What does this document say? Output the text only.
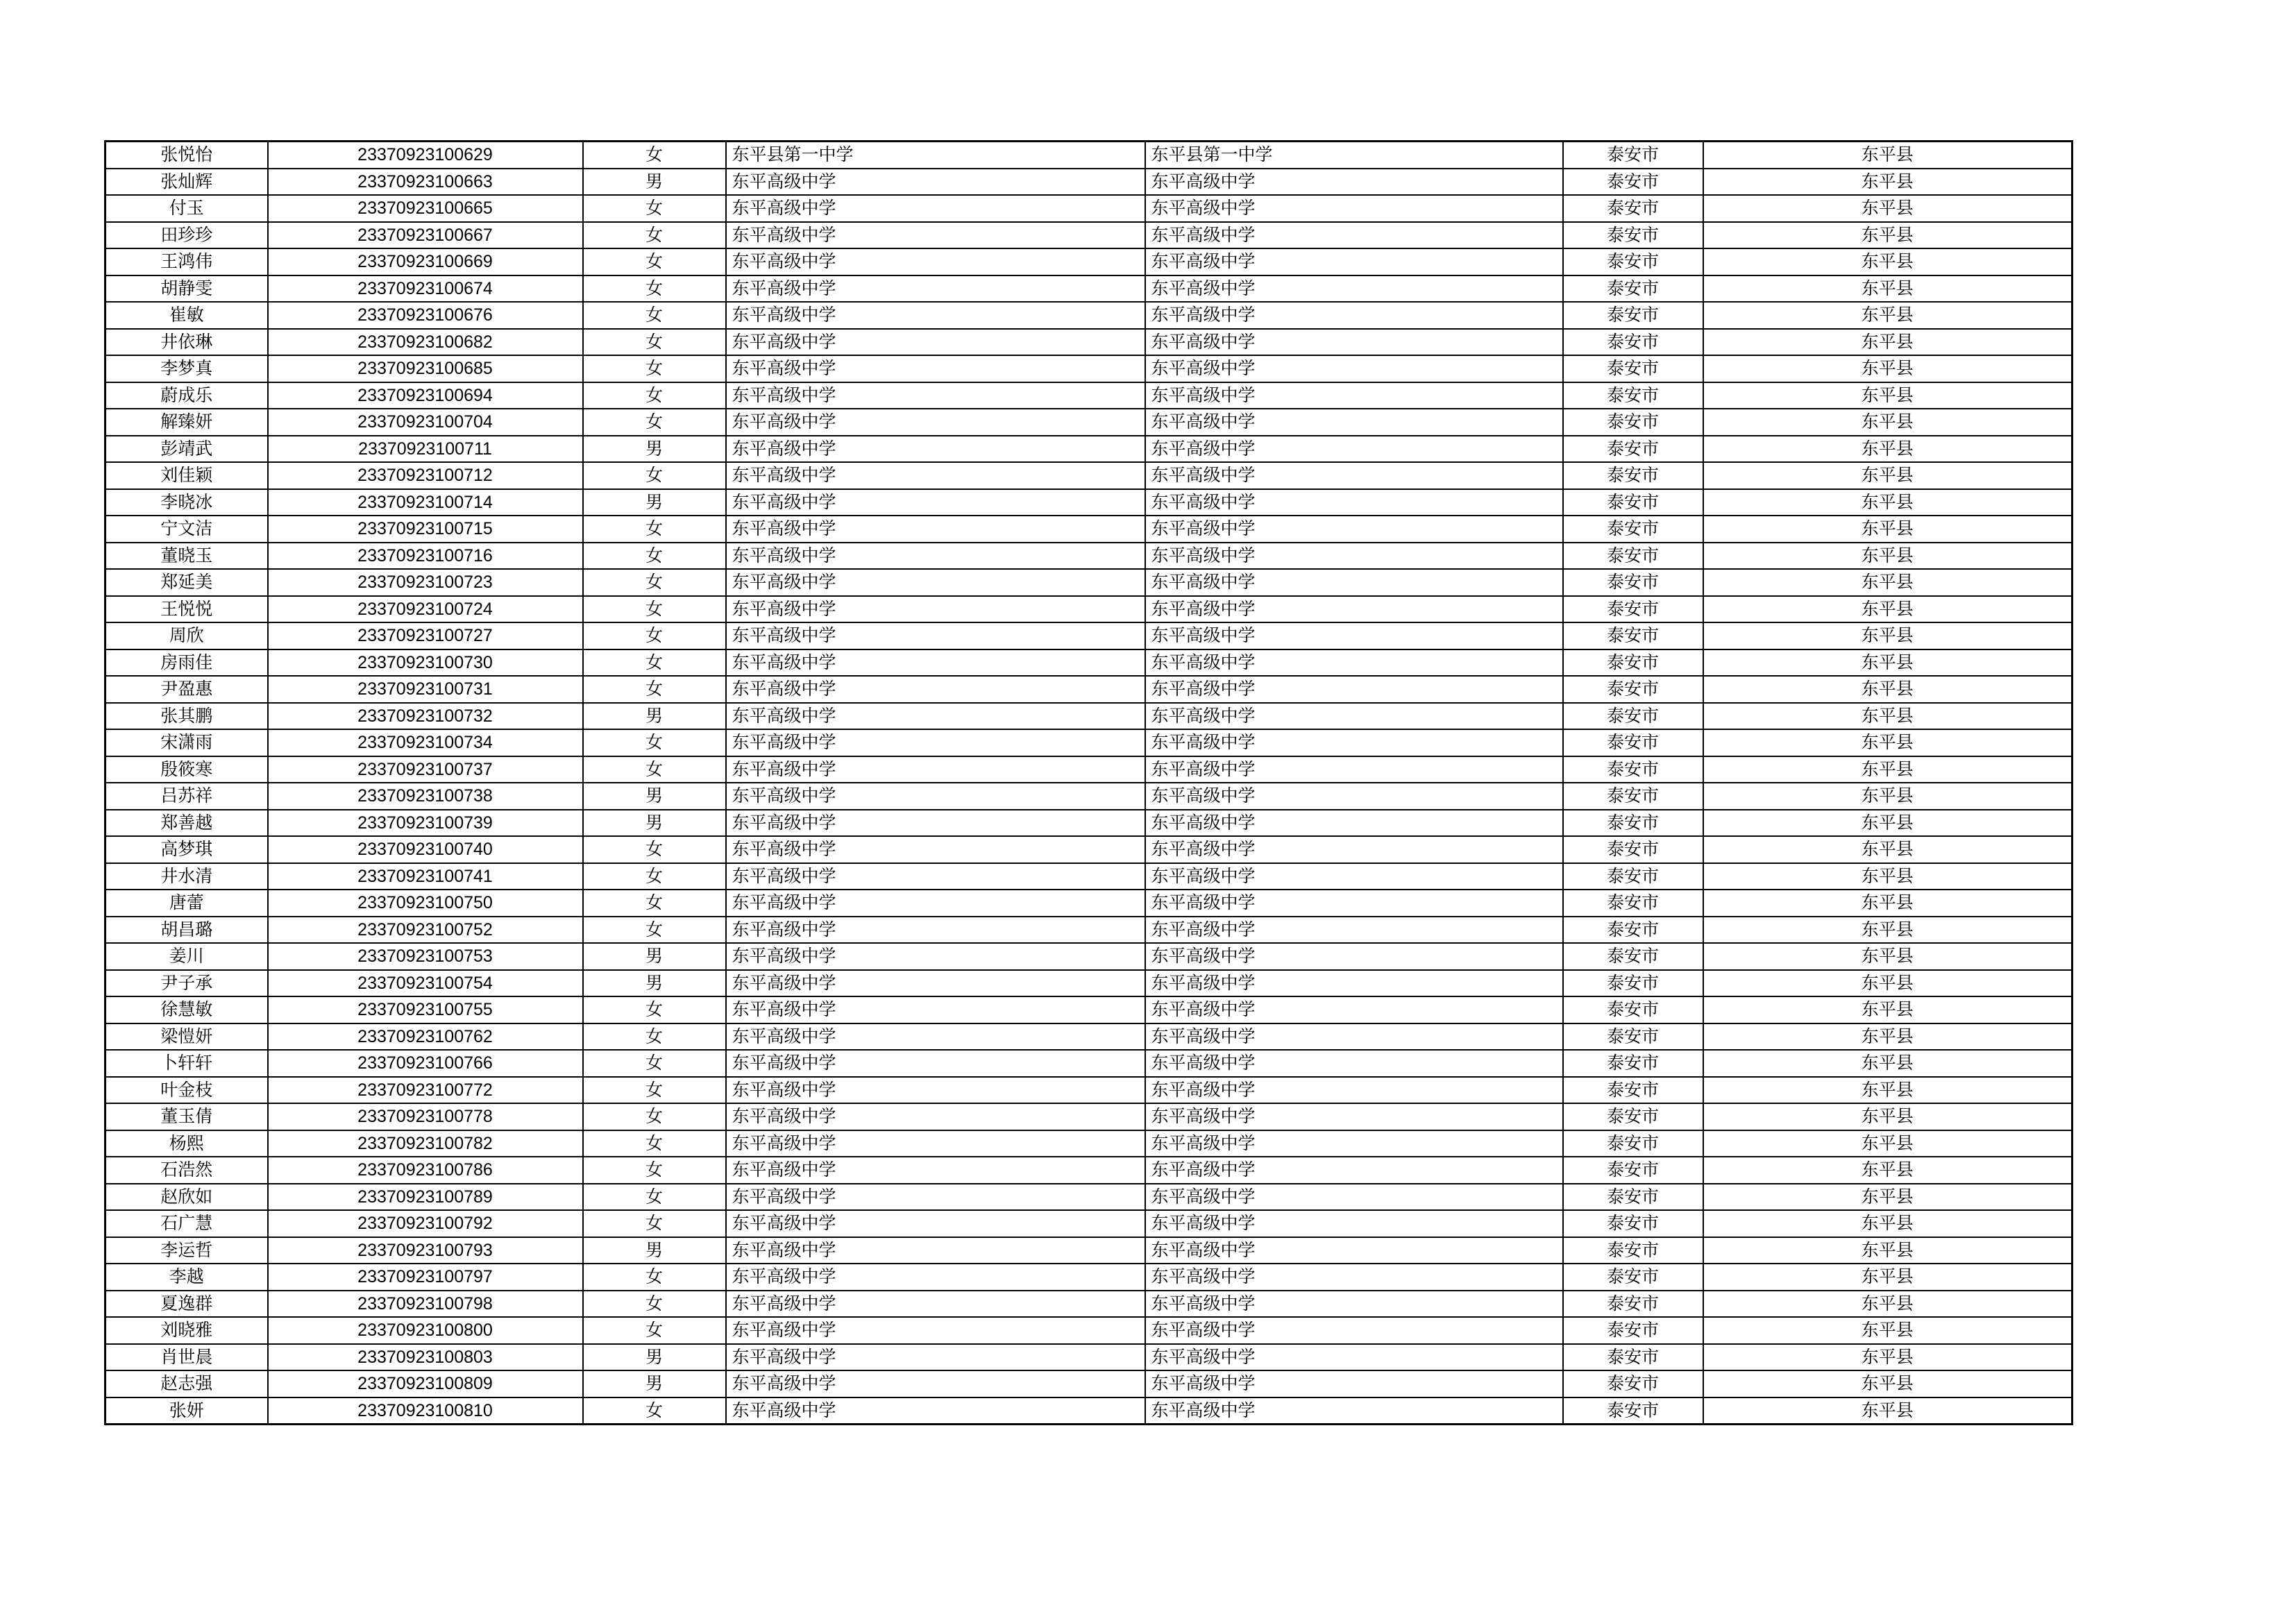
张悦怡	23370923100629	女	东平县第一中学	东平县第一中学	泰安市	东平县
张灿辉	23370923100663	男	东平高级中学	东平高级中学	泰安市	东平县
付玉	23370923100665	女	东平高级中学	东平高级中学	泰安市	东平县
田珍珍	23370923100667	女	东平高级中学	东平高级中学	泰安市	东平县
王鸿伟	23370923100669	女	东平高级中学	东平高级中学	泰安市	东平县
胡静雯	23370923100674	女	东平高级中学	东平高级中学	泰安市	东平县
崔敏	23370923100676	女	东平高级中学	东平高级中学	泰安市	东平县
井依琳	23370923100682	女	东平高级中学	东平高级中学	泰安市	东平县
李梦真	23370923100685	女	东平高级中学	东平高级中学	泰安市	东平县
蔚成乐	23370923100694	女	东平高级中学	东平高级中学	泰安市	东平县
解臻妍	23370923100704	女	东平高级中学	东平高级中学	泰安市	东平县
彭靖武	23370923100711	男	东平高级中学	东平高级中学	泰安市	东平县
刘佳颖	23370923100712	女	东平高级中学	东平高级中学	泰安市	东平县
李晓冰	23370923100714	男	东平高级中学	东平高级中学	泰安市	东平县
宁文洁	23370923100715	女	东平高级中学	东平高级中学	泰安市	东平县
董晓玉	23370923100716	女	东平高级中学	东平高级中学	泰安市	东平县
郑延美	23370923100723	女	东平高级中学	东平高级中学	泰安市	东平县
王悦悦	23370923100724	女	东平高级中学	东平高级中学	泰安市	东平县
周欣	23370923100727	女	东平高级中学	东平高级中学	泰安市	东平县
房雨佳	23370923100730	女	东平高级中学	东平高级中学	泰安市	东平县
尹盈惠	23370923100731	女	东平高级中学	东平高级中学	泰安市	东平县
张其鹏	23370923100732	男	东平高级中学	东平高级中学	泰安市	东平县
宋潇雨	23370923100734	女	东平高级中学	东平高级中学	泰安市	东平县
殷筱寒	23370923100737	女	东平高级中学	东平高级中学	泰安市	东平县
吕苏祥	23370923100738	男	东平高级中学	东平高级中学	泰安市	东平县
郑善越	23370923100739	男	东平高级中学	东平高级中学	泰安市	东平县
高梦琪	23370923100740	女	东平高级中学	东平高级中学	泰安市	东平县
井水清	23370923100741	女	东平高级中学	东平高级中学	泰安市	东平县
唐蕾	23370923100750	女	东平高级中学	东平高级中学	泰安市	东平县
胡昌璐	23370923100752	女	东平高级中学	东平高级中学	泰安市	东平县
姜川	23370923100753	男	东平高级中学	东平高级中学	泰安市	东平县
尹子承	23370923100754	男	东平高级中学	东平高级中学	泰安市	东平县
徐慧敏	23370923100755	女	东平高级中学	东平高级中学	泰安市	东平县
梁愷妍	23370923100762	女	东平高级中学	东平高级中学	泰安市	东平县
卜轩轩	23370923100766	女	东平高级中学	东平高级中学	泰安市	东平县
叶金枝	23370923100772	女	东平高级中学	东平高级中学	泰安市	东平县
董玉倩	23370923100778	女	东平高级中学	东平高级中学	泰安市	东平县
杨熙	23370923100782	女	东平高级中学	东平高级中学	泰安市	东平县
石浩然	23370923100786	女	东平高级中学	东平高级中学	泰安市	东平县
赵欣如	23370923100789	女	东平高级中学	东平高级中学	泰安市	东平县
石广慧	23370923100792	女	东平高级中学	东平高级中学	泰安市	东平县
李运哲	23370923100793	男	东平高级中学	东平高级中学	泰安市	东平县
李越	23370923100797	女	东平高级中学	东平高级中学	泰安市	东平县
夏逸群	23370923100798	女	东平高级中学	东平高级中学	泰安市	东平县
刘晓雅	23370923100800	女	东平高级中学	东平高级中学	泰安市	东平县
肖世晨	23370923100803	男	东平高级中学	东平高级中学	泰安市	东平县
赵志强	23370923100809	男	东平高级中学	东平高级中学	泰安市	东平县
张妍	23370923100810	女	东平高级中学	东平高级中学	泰安市	东平县
